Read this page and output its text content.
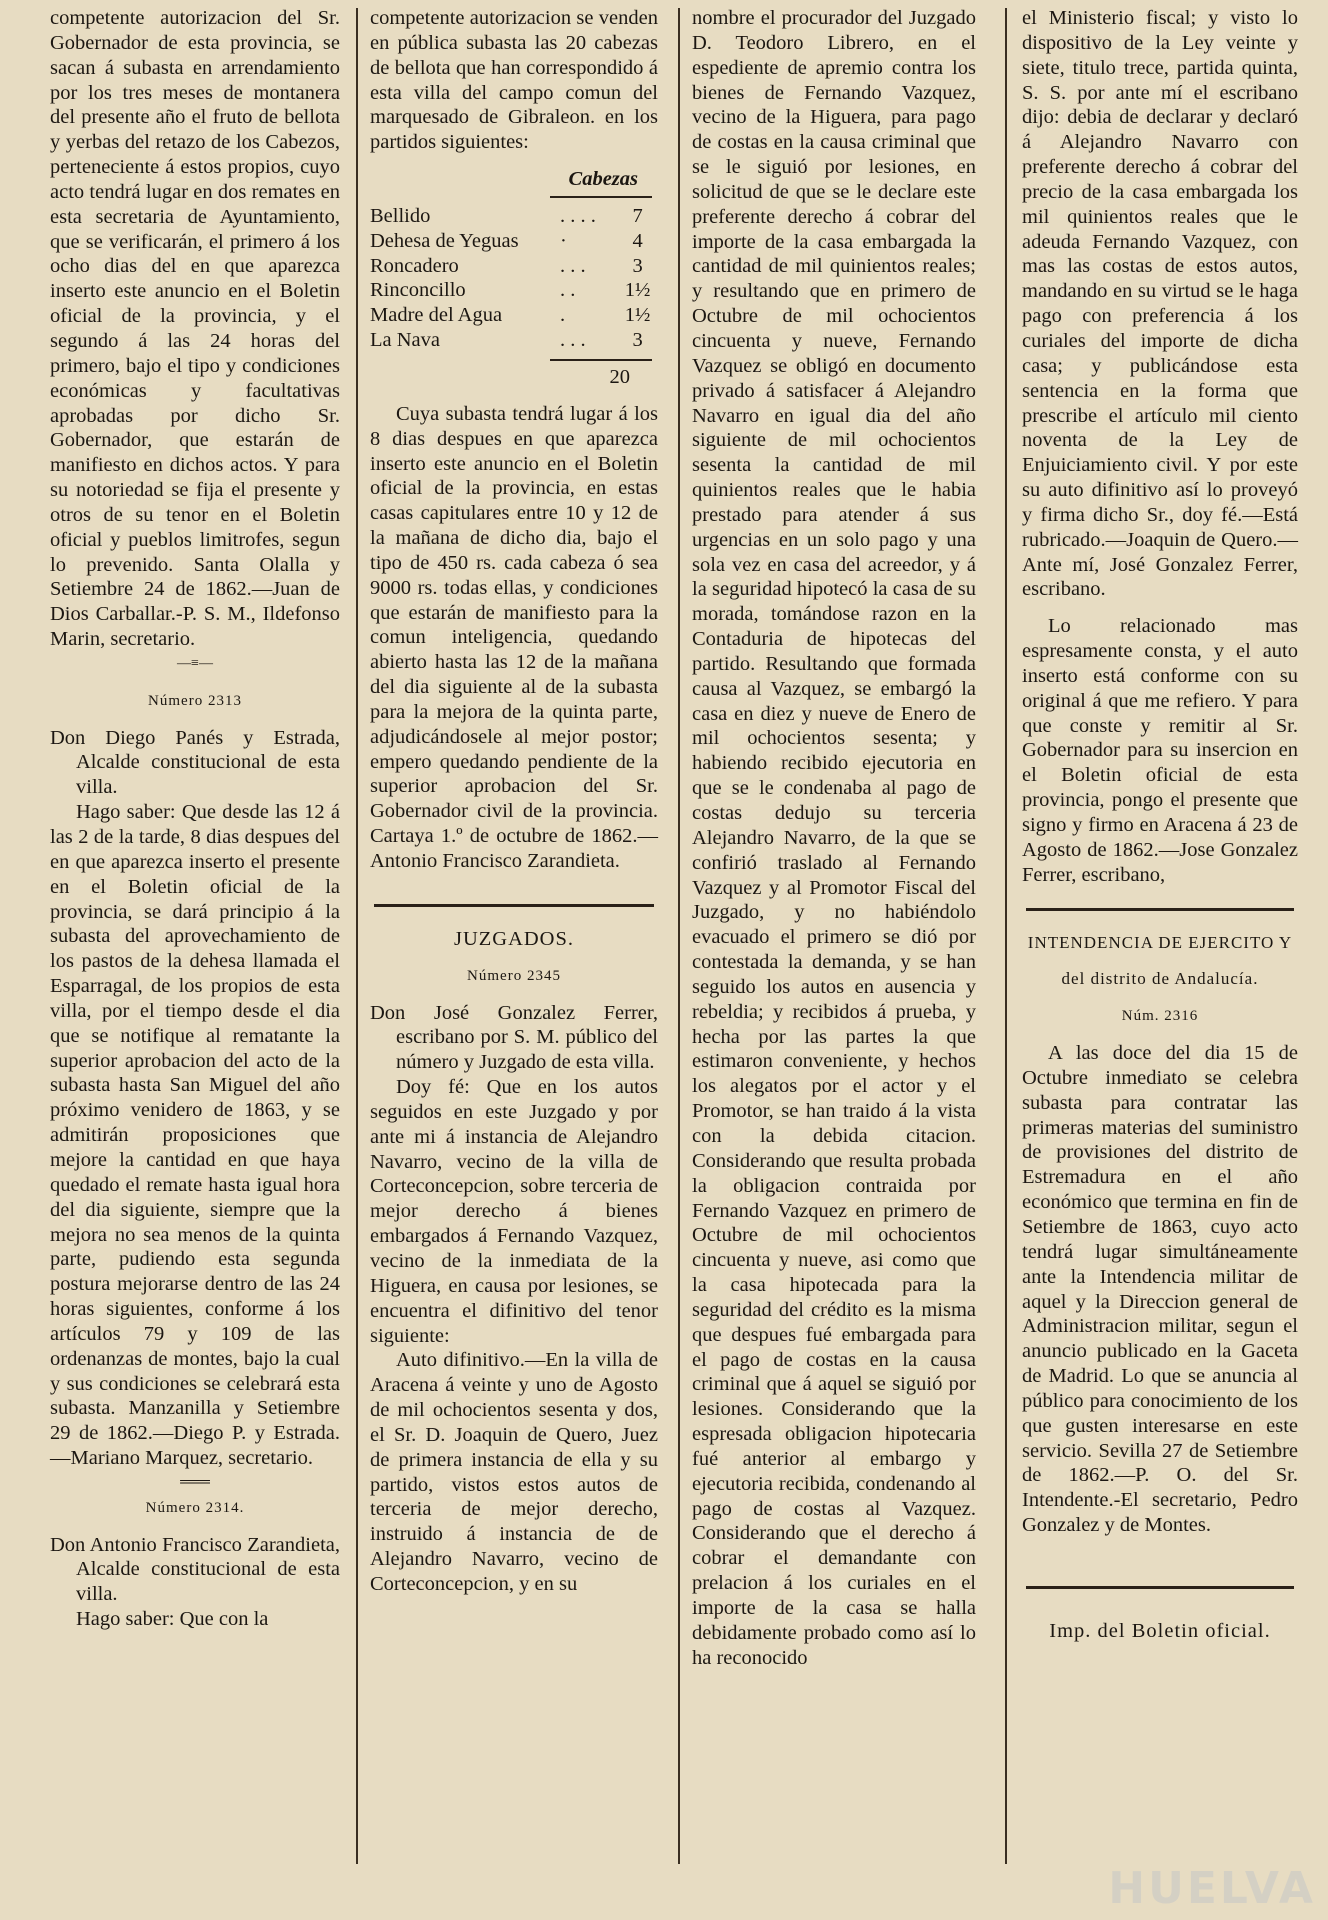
competente autorizacion del Sr. Gobernador de esta provincia, se sacan á subasta en arrendamiento por los tres meses de montanera del presente año el fruto de bellota y yerbas del retazo de los Cabezos, perteneciente á estos propios, cuyo acto tendrá lugar en dos remates en esta secretaria de Ayuntamiento, que se verificarán, el primero á los ocho dias del en que aparezca inserto este anuncio en el Boletin oficial de la provincia, y el segundo á las 24 horas del primero, bajo el tipo y condiciones económicas y facultativas aprobadas por dicho Sr. Gobernador, que estarán de manifiesto en dichos actos. Y para su notoriedad se fija el presente y otros de su tenor en el Boletin oficial y pueblos limitrofes, segun lo prevenido. Santa Olalla y Setiembre 24 de 1862.—Juan de Dios Carballar.-P. S. M., Ildefonso Marin, secretario.

—≡—
Número 2313

Don Diego Panés y Estrada, Alcalde constitucional de esta villa.

Hago saber: Que desde las 12 á las 2 de la tarde, 8 dias despues del en que aparezca inserto el presente en el Boletin oficial de la provincia, se dará principio á la subasta del aprovechamiento de los pastos de la dehesa llamada el Esparragal, de los propios de esta villa, por el tiempo desde el dia que se notifique al rematante la superior aprobacion del acto de la subasta hasta San Miguel del año próximo venidero de 1863, y se admitirán proposiciones que mejore la cantidad en que haya quedado el remate hasta igual hora del dia siguiente, siempre que la mejora no sea menos de la quinta parte, pudiendo esta segunda postura mejorarse dentro de las 24 horas siguientes, conforme á los artículos 79 y 109 de las ordenanzas de montes, bajo la cual y sus condiciones se celebrará esta subasta. Manzanilla y Setiembre 29 de 1862.—Diego P. y Estrada.—Mariano Marquez, secretario.

═══
Número 2314.

Don Antonio Francisco Zarandieta, Alcalde constitucional de esta villa.

Hago saber: Que con la

competente autorizacion se venden en pública subasta las 20 cabezas de bellota que han correspondido á esta villa del campo comun del marquesado de Gibraleon. en los partidos siguientes:

Cabezas
Bellido	. . . .	7
Dehesa de Yeguas	·	4
Roncadero	. . .	3
Rinconcillo	. .	1½
Madre del Agua	.	1½
La Nava	. . .	3
20

Cuya subasta tendrá lugar á los 8 dias despues en que aparezca inserto este anuncio en el Boletin oficial de la provincia, en estas casas capitulares entre 10 y 12 de la mañana de dicho dia, bajo el tipo de 450 rs. cada cabeza ó sea 9000 rs. todas ellas, y condiciones que estarán de manifiesto para la comun inteligencia, quedando abierto hasta las 12 de la mañana del dia siguiente al de la subasta para la mejora de la quinta parte, adjudicándosele al mejor postor; empero quedando pendiente de la superior aprobacion del Sr. Gobernador civil de la provincia. Cartaya 1.º de octubre de 1862.—Antonio Francisco Zarandieta.

JUZGADOS.
Número 2345

Don José Gonzalez Ferrer, escribano por S. M. público del número y Juzgado de esta villa.

Doy fé: Que en los autos seguidos en este Juzgado y por ante mi á instancia de Alejandro Navarro, vecino de la villa de Corteconcepcion, sobre terceria de mejor derecho á bienes embargados á Fernando Vazquez, vecino de la inmediata de la Higuera, en causa por lesiones, se encuentra el difinitivo del tenor siguiente:

Auto difinitivo.—En la villa de Aracena á veinte y uno de Agosto de mil ochocientos sesenta y dos, el Sr. D. Joaquin de Quero, Juez de primera instancia de ella y su partido, vistos estos autos de terceria de mejor derecho, instruido á instancia de de Alejandro Navarro, vecino de Corteconcepcion, y en su

nombre el procurador del Juzgado D. Teodoro Librero, en el espediente de apremio contra los bienes de Fernando Vazquez, vecino de la Higuera, para pago de costas en la causa criminal que se le siguió por lesiones, en solicitud de que se le declare este preferente derecho á cobrar del importe de la casa embargada la cantidad de mil quinientos reales; y resultando que en primero de Octubre de mil ochocientos cincuenta y nueve, Fernando Vazquez se obligó en documento privado á satisfacer á Alejandro Navarro en igual dia del año siguiente de mil ochocientos sesenta la cantidad de mil quinientos reales que le habia prestado para atender á sus urgencias en un solo pago y una sola vez en casa del acreedor, y á la seguridad hipotecó la casa de su morada, tomándose razon en la Contaduria de hipotecas del partido. Resultando que formada causa al Vazquez, se embargó la casa en diez y nueve de Enero de mil ochocientos sesenta; y habiendo recibido ejecutoria en que se le condenaba al pago de costas dedujo su terceria Alejandro Navarro, de la que se confirió traslado al Fernando Vazquez y al Promotor Fiscal del Juzgado, y no habiéndolo evacuado el primero se dió por contestada la demanda, y se han seguido los autos en ausencia y rebeldia; y recibidos á prueba, y hecha por las partes la que estimaron conveniente, y hechos los alegatos por el actor y el Promotor, se han traido á la vista con la debida citacion. Considerando que resulta probada la obligacion contraida por Fernando Vazquez en primero de Octubre de mil ochocientos cincuenta y nueve, asi como que la casa hipotecada para la seguridad del crédito es la misma que despues fué embargada para el pago de costas en la causa criminal que á aquel se siguió por lesiones. Considerando que la espresada obligacion hipotecaria fué anterior al embargo y ejecutoria recibida, condenando al pago de costas al Vazquez. Considerando que el derecho á cobrar el demandante con prelacion á los curiales en el importe de la casa se halla debidamente probado como así lo ha reconocido

el Ministerio fiscal; y visto lo dispositivo de la Ley veinte y siete, titulo trece, partida quinta, S. S. por ante mí el escribano dijo: debia de declarar y declaró á Alejandro Navarro con preferente derecho á cobrar del precio de la casa embargada los mil quinientos reales que le adeuda Fernando Vazquez, con mas las costas de estos autos, mandando en su virtud se le haga pago con preferencia á los curiales del importe de dicha casa; y publicándose esta sentencia en la forma que prescribe el artículo mil ciento noventa de la Ley de Enjuiciamiento civil. Y por este su auto difinitivo así lo proveyó y firma dicho Sr., doy fé.—Está rubricado.—Joaquin de Quero.—Ante mí, José Gonzalez Ferrer, escribano.

Lo relacionado mas espresamente consta, y el auto inserto está conforme con su original á que me refiero. Y para que conste y remitir al Sr. Gobernador para su insercion en el Boletin oficial de esta provincia, pongo el presente que signo y firmo en Aracena á 23 de Agosto de 1862.—Jose Gonzalez Ferrer, escribano,

INTENDENCIA DE EJERCITO Y
del distrito de Andalucía.
Núm. 2316

A las doce del dia 15 de Octubre inmediato se celebra subasta para contratar las primeras materias del suministro de provisiones del distrito de Estremadura en el año económico que termina en fin de Setiembre de 1863, cuyo acto tendrá lugar simultáneamente ante la Intendencia militar de aquel y la Direccion general de Administracion militar, segun el anuncio publicado en la Gaceta de Madrid. Lo que se anuncia al público para conocimiento de los que gusten interesarse en este servicio. Sevilla 27 de Setiembre de 1862.—P. O. del Sr. Intendente.-El secretario, Pedro Gonzalez y de Montes.

Imp. del Boletin oficial.
HUELVA
